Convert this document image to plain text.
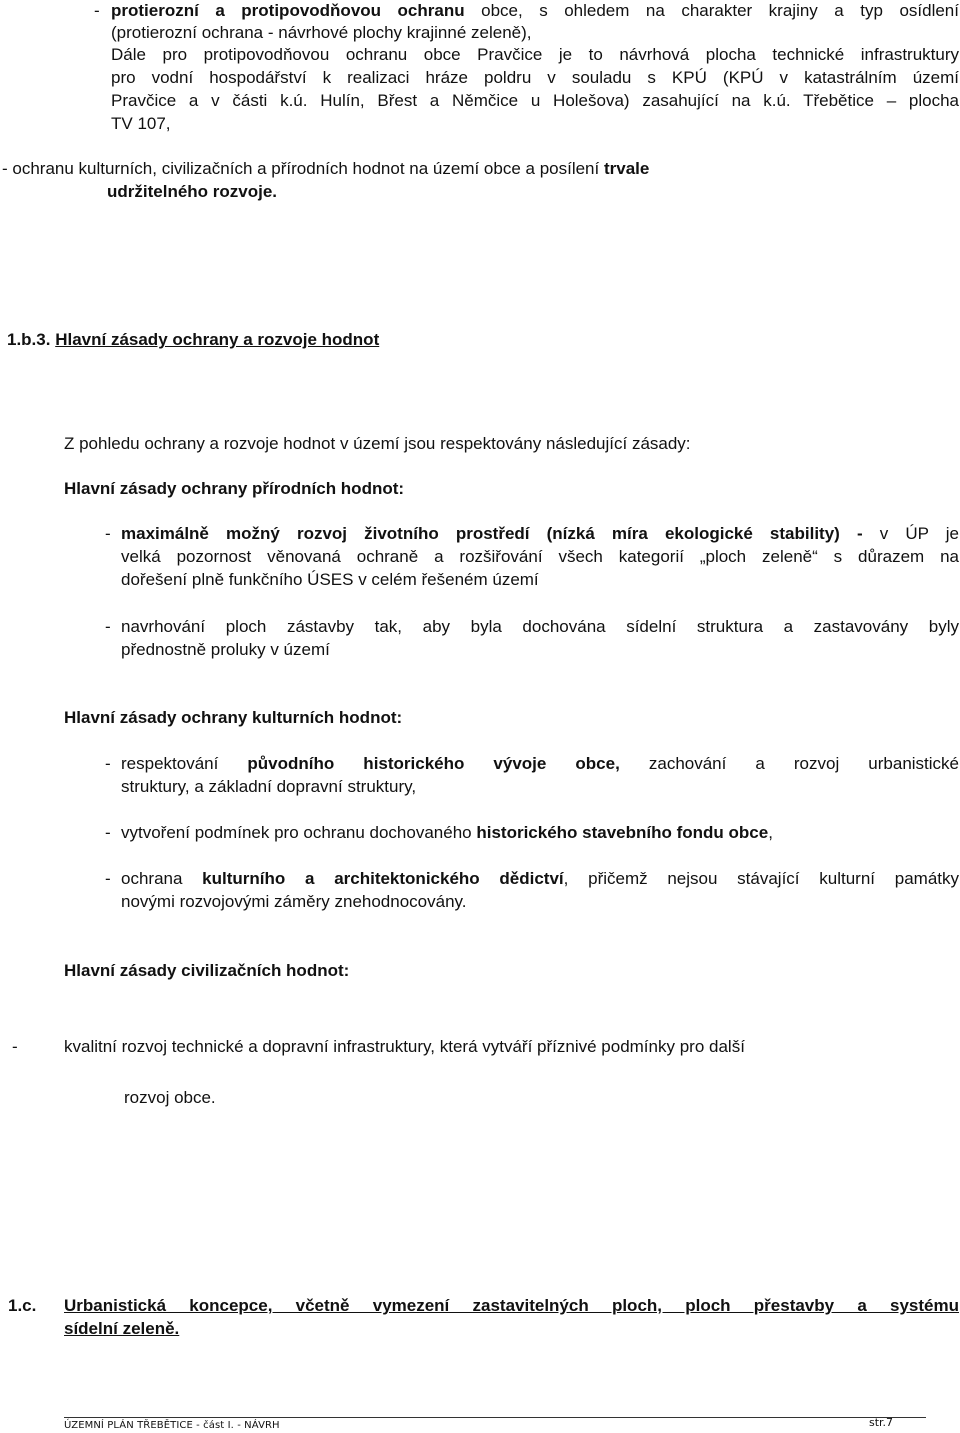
- protierozní a protipovodňovou ochranu obce, s ohledem na charakter krajiny a typ osídlení
(protierozní ochrana - návrhové plochy krajinné zeleně),
Dále pro protipovodňovou ochranu obce Pravčice je to návrhová plocha technické infrastruktury
pro vodní hospodářství k realizaci hráze poldru v souladu s KPÚ (KPÚ v katastrálním území
Pravčice a v části k.ú. Hulín, Břest a Němčice u Holešova) zasahující na k.ú. Třebětice – plocha
TV 107,
- ochranu kulturních, civilizačních a přírodních hodnot na území obce a posílení trvale
udržitelného rozvoje.
1.b.3. Hlavní zásady ochrany a rozvoje hodnot
Z pohledu ochrany a rozvoje hodnot v území jsou respektovány následující zásady:
Hlavní zásady ochrany přírodních hodnot:
- maximálně možný rozvoj životního prostředí (nízká míra ekologické stability) - v ÚP je
velká pozornost věnovaná ochraně a rozšiřování všech kategorií „ploch zeleně“ s důrazem na
dořešení plně funkčního ÚSES v celém řešeném území
- navrhování ploch zástavby tak, aby byla dochována sídelní struktura a zastavovány byly
přednostně proluky v území
Hlavní zásady ochrany kulturních hodnot:
- respektování původního historického vývoje obce, zachování a rozvoj urbanistické
struktury, a základní dopravní struktury,
- vytvoření podmínek pro ochranu dochovaného historického stavebního fondu obce,
- ochrana kulturního a architektonického dědictví, přičemž nejsou stávající kulturní památky
novými rozvojovými záměry znehodnocovány.
Hlavní zásady civilizačních hodnot:
-	kvalitní rozvoj technické a dopravní infrastruktury, která vytváří příznivé podmínky pro další
rozvoj obce.
1.c. Urbanistická koncepce, včetně vymezení zastavitelných ploch, ploch přestavby a systému
sídelní zeleně.
ÚZEMNÍ PLÁN TŘEBĚTICE - část I. - NÁVRH	str.7
